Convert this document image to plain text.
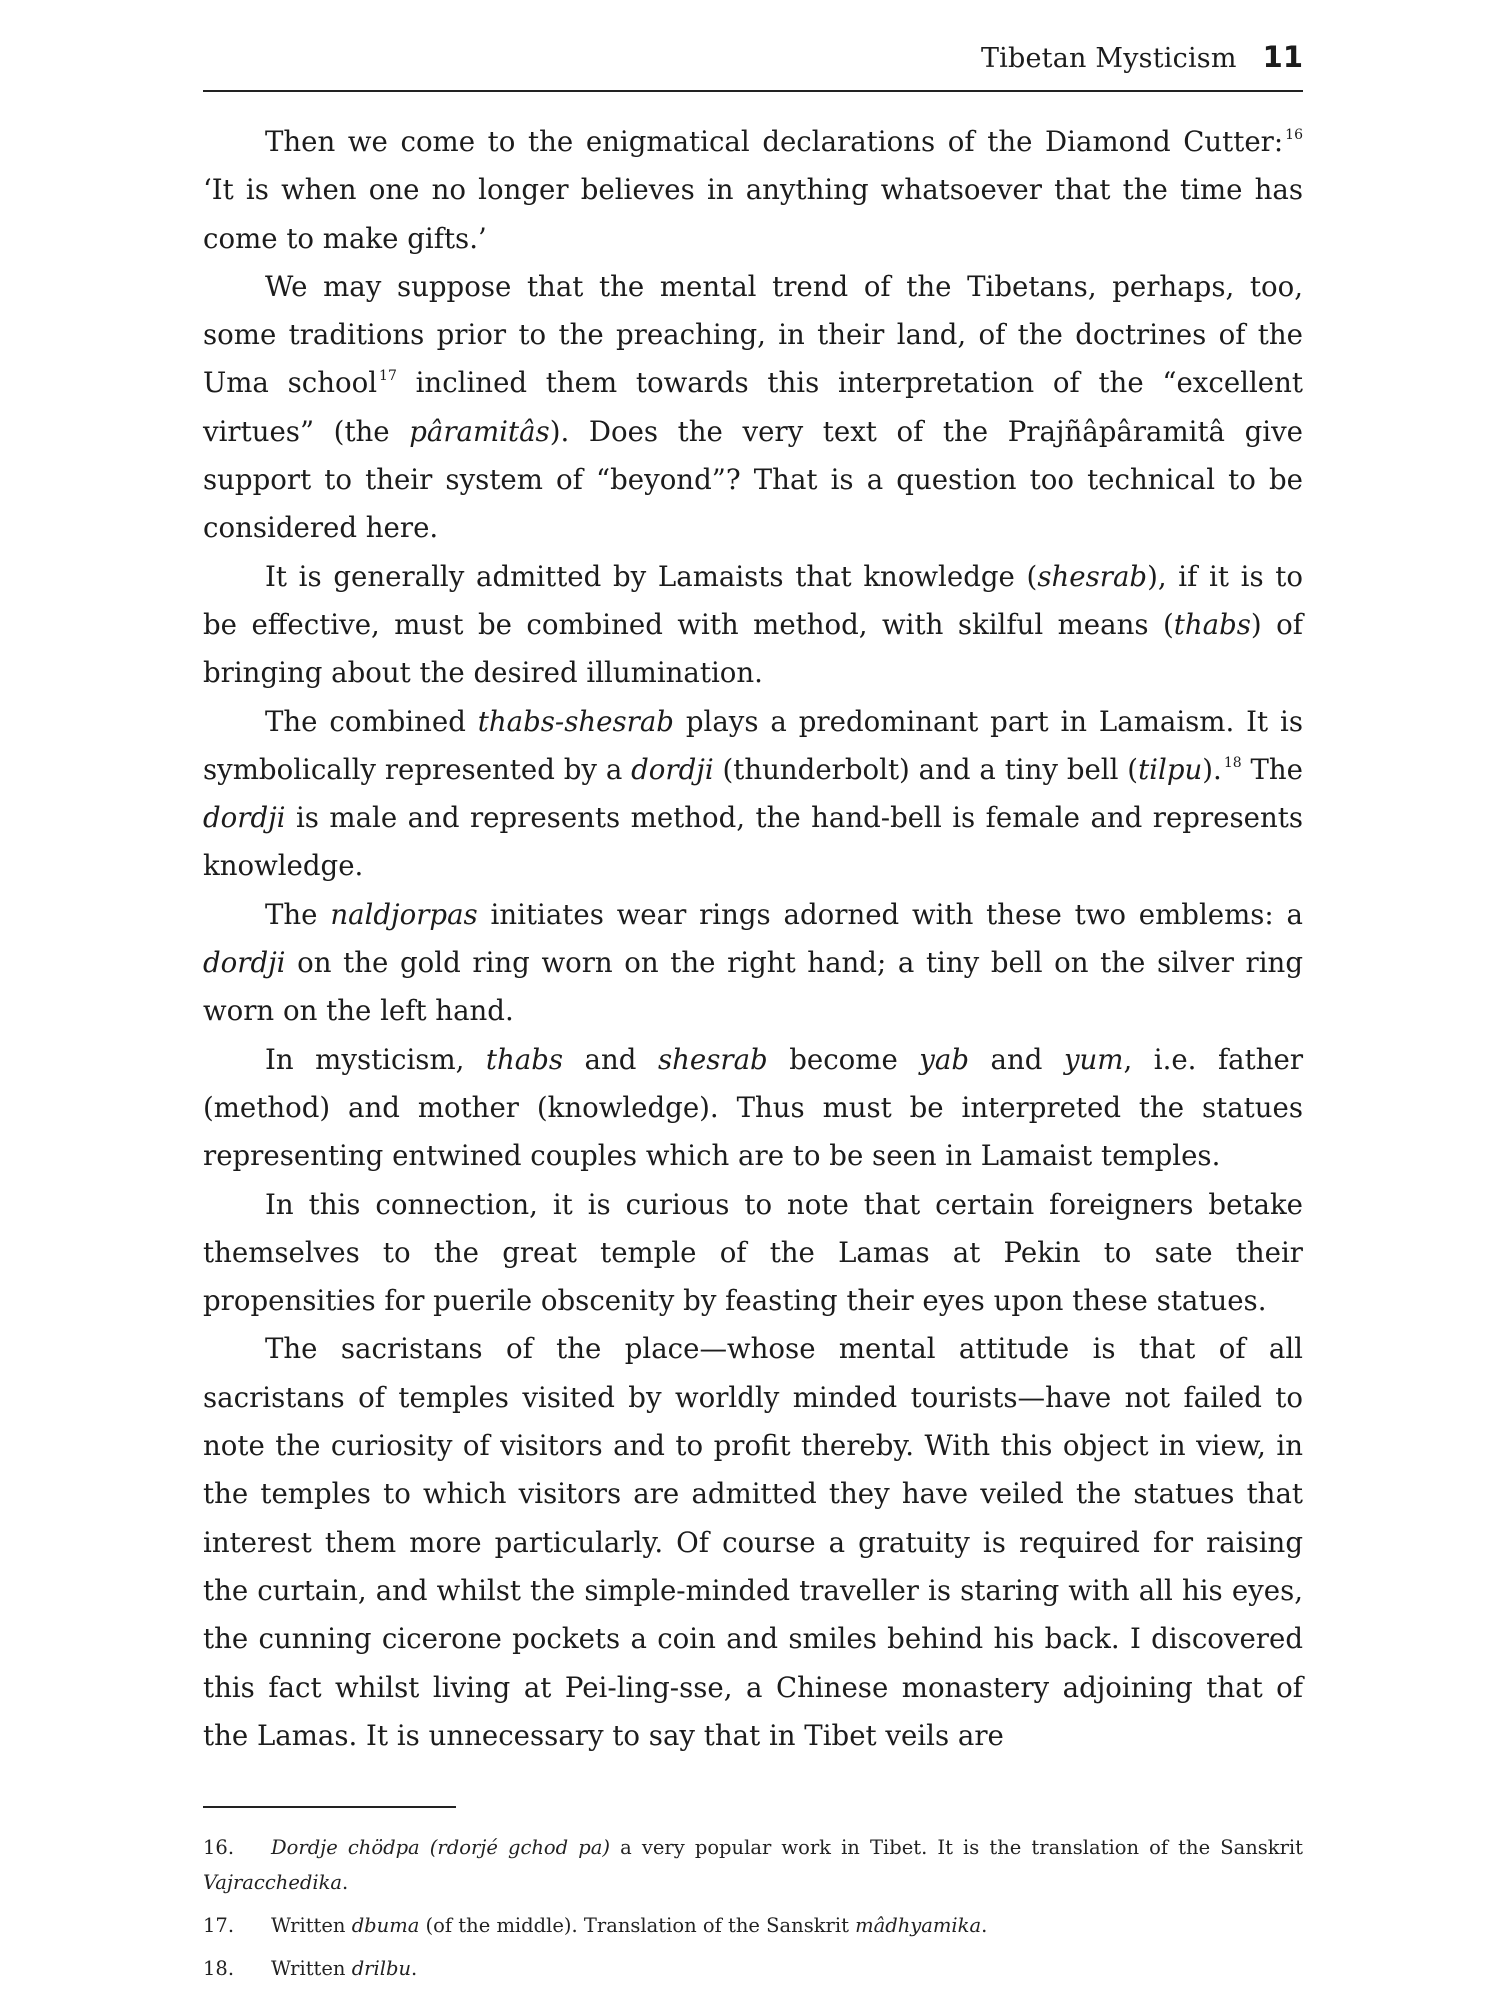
Tibetan Mysticism 11

Then we come to the enigmatical declarations of the Diamond Cutter: $^{16}$ ‘It is when one no longer believes in anything whatsoever that the time has come to make gifts.’

We may suppose that the mental trend of the Tibetans, perhaps, too, some traditions prior to the preaching, in their land, of the doctrines of the Uma school $^{17}$ inclined them towards this interpretation of the “excellent virtues” (the pâramitâs). Does the very text of the Prajñâpâramitâ give support to their system of “beyond”? That is a question too technical to be considered here.

It is generally admitted by Lamaists that knowledge (shesrab), if it is to be effective, must be combined with method, with skilful means (thabs) of bringing about the desired illumination.

The combined thabs-shesrab plays a predominant part in Lamaism. It is symbolically represented by a dordji (thunderbolt) and a tiny bell (tilpu). $^{18}$ The dordji is male and represents method, the hand-bell is female and represents knowledge.

The naldjorpas initiates wear rings adorned with these two emblems: a dordji on the gold ring worn on the right hand; a tiny bell on the silver ring worn on the left hand.

In mysticism, thabs and shesrab become yab and yum, i.e. father (method) and mother (knowledge). Thus must be interpreted the statues representing entwined couples which are to be seen in Lamaist temples.

In this connection, it is curious to note that certain foreigners betake themselves to the great temple of the Lamas at Pekin to sate their propensities for puerile obscenity by feasting their eyes upon these statues.

The sacristans of the place—whose mental attitude is that of all sacristans of temples visited by worldly minded tourists—have not failed to note the curiosity of visitors and to profit thereby. With this object in view, in the temples to which visitors are admitted they have veiled the statues that interest them more particularly. Of course a gratuity is required for raising the curtain, and whilst the simple-minded traveller is staring with all his eyes, the cunning cicerone pockets a coin and smiles behind his back. I discovered this fact whilst living at Pei-ling-sse, a Chinese monastery adjoining that of the Lamas. It is unnecessary to say that in Tibet veils are

16. Dordje chödpa (rdorjé gchod pa) a very popular work in Tibet. It is the translation of the Sanskrit Vajracchedika.
17. Written dbuma (of the middle). Translation of the Sanskrit mâdhyamika.
18. Written drilbu.
